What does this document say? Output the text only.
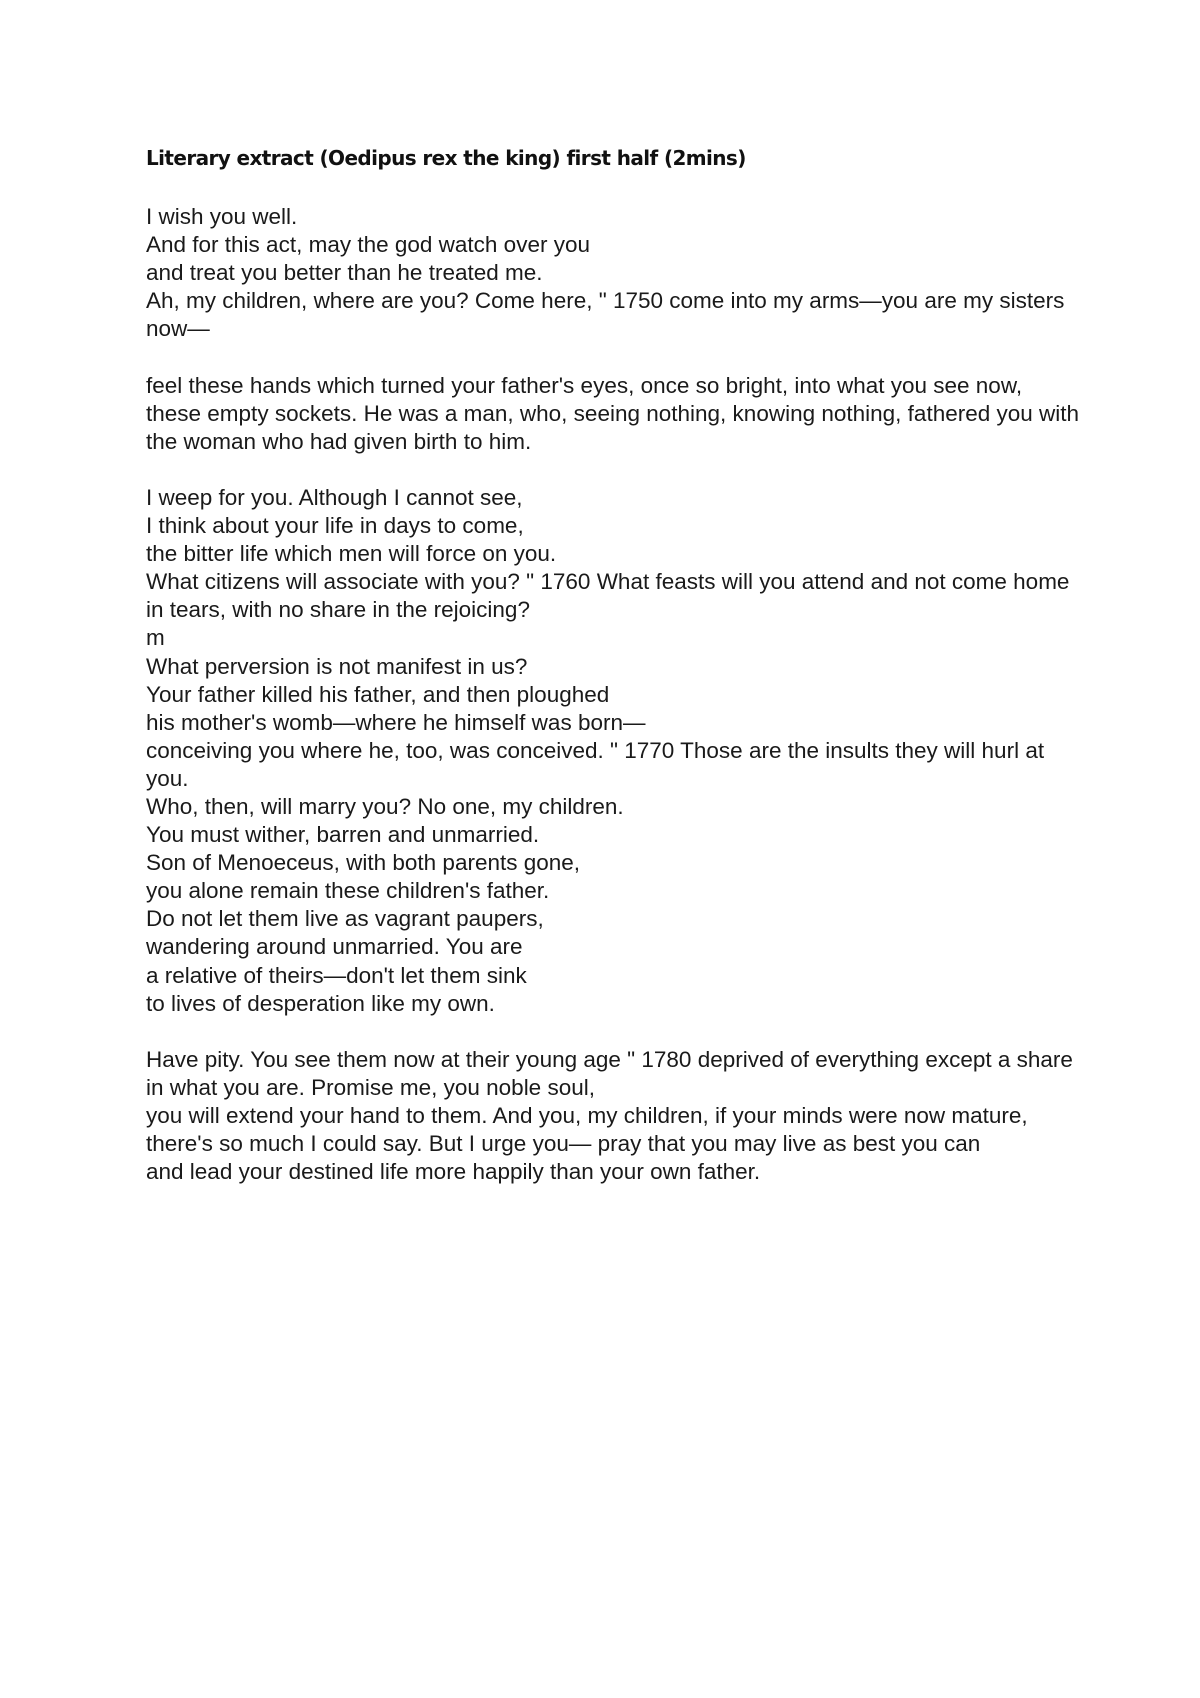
Literary extract (Oedipus rex the king) first half (2mins)
I wish you well.
And for this act, may the god watch over you
and treat you better than he treated me.
Ah, my children, where are you? Come here, " 1750 come into my arms—you are my sisters now—
feel these hands which turned your father's eyes, once so bright, into what you see now,
these empty sockets. He was a man, who, seeing nothing, knowing nothing, fathered you with the woman who had given birth to him.
I weep for you. Although I cannot see,
I think about your life in days to come,
the bitter life which men will force on you.
What citizens will associate with you? " 1760 What feasts will you attend and not come home
in tears, with no share in the rejoicing?
m
What perversion is not manifest in us?
Your father killed his father, and then ploughed
his mother's womb—where he himself was born—
conceiving you where he, too, was conceived. " 1770 Those are the insults they will hurl at you.
Who, then, will marry you? No one, my children.
You must wither, barren and unmarried.
Son of Menoeceus, with both parents gone,
you alone remain these children's father.
Do not let them live as vagrant paupers,
wandering around unmarried. You are
a relative of theirs—don't let them sink
to lives of desperation like my own.
Have pity. You see them now at their young age " 1780 deprived of everything except a share
in what you are. Promise me, you noble soul,
you will extend your hand to them. And you, my children, if your minds were now mature, there's so much I could say. But I urge you— pray that you may live as best you can
and lead your destined life more happily than your own father.
